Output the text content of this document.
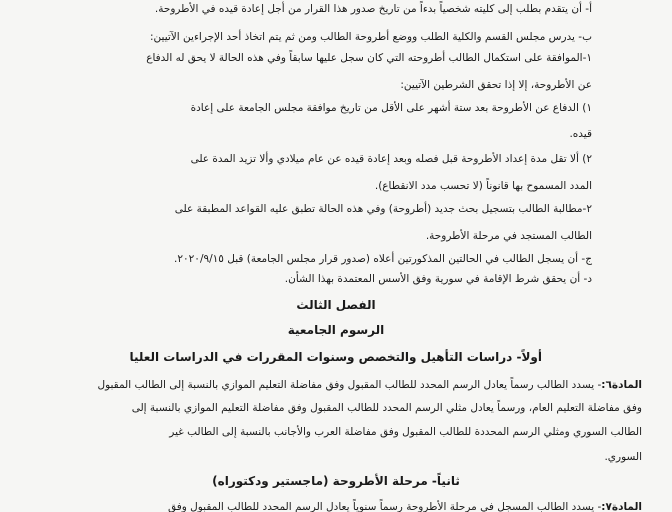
أ- أن يتقدم بطلب إلى كليته شخصياً بدءاً من تاريخ صدور هذا القرار من أجل إعادة قيده في الأطروحة.
ب- يدرس مجلس القسم والكلية الطلب ووضع أطروحة الطالب ومن ثم يتم اتخاذ أحد الإجراءين الآتيين:
١-الموافقة على استكمال الطالب أطروحته التي كان سجل عليها سابقاً وفي هذه الحالة لا يحق له الدفاع
عن الأطروحة، إلا إذا تحقق الشرطين الآتيين:
١) الدفاع عن الأطروحة بعد ستة أشهر على الأقل من تاريخ موافقة مجلس الجامعة على إعادة
قيده.
٢) ألا تقل مدة إعداد الأطروحة قبل فصله وبعد إعادة قيده عن عام ميلادي وألا تزيد المدة على
المدد المسموح بها قانوناً (لا تحسب مدد الانقطاع).
٢-مطالبة الطالب بتسجيل بحث جديد (أطروحة) وفي هذه الحالة تطبق عليه القواعد المطبقة على
الطالب المستجد في مرحلة الأطروحة.
ج- أن يسجل الطالب في الحالتين المذكورتين أعلاه (صدور قرار مجلس الجامعة) قبل ٢٠٢٠/٩/١٥.
د- أن يحقق شرط الإقامة في سورية وفق الأسس المعتمدة بهذا الشأن.
الفصل الثالث
الرسوم الجامعية
أولاً- دراسات التأهيل والتخصص وسنوات المقررات في الدراسات العليا
المادة٦:- يسدد الطالب رسماً يعادل الرسم المحدد للطالب المقبول وفق مفاضلة التعليم الموازي بالنسبة إلى الطالب المقبول
وفق مفاضلة التعليم العام، ورسماً يعادل مثلي الرسم المحدد للطالب المقبول وفق مفاضلة التعليم الموازي بالنسبة إلى
الطالب السوري ومثلي الرسم المحددة للطالب المقبول وفق مفاضلة العرب والأجانب بالنسبة إلى الطالب غير
السوري.
ثانياً- مرحلة الأطروحة (ماجستير ودكتوراه)
المادة٧:- يسدد الطالب المسجل في مرحلة الأطروحة رسماً سنوياً يعادل الرسم المحدد للطالب المقبول وفق
